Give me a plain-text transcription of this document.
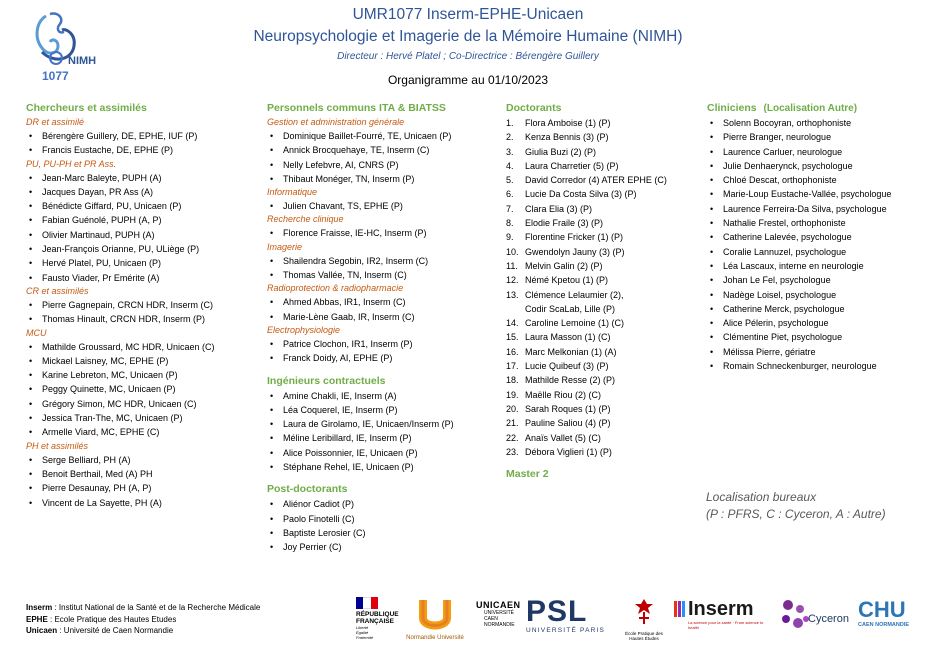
NIMH
1077
UMR1077 Inserm-EPHE-Unicaen
Neuropsychologie et Imagerie de la Mémoire Humaine (NIMH)
Directeur : Hervé Platel ; Co-Directrice : Bérengère Guillery
Organigramme au 01/10/2023
Chercheurs et assimilés
DR et assimilé
• Bérengère Guillery, DE, EPHE, IUF (P)
• Francis Eustache, DE, EPHE (P)
PU, PU-PH et PR Ass.
• Jean-Marc Baleyte, PUPH (A)
• Jacques Dayan, PR Ass (A)
• Bénédicte Giffard, PU, Unicaen (P)
• Fabian Guénolé, PUPH (A, P)
• Olivier Martinaud, PUPH (A)
• Jean-François Orianne, PU, ULiège (P)
• Hervé Platel, PU, Unicaen (P)
• Fausto Viader, Pr Emérite (A)
CR et assimilés
• Pierre Gagnepain, CRCN HDR, Inserm (C)
• Thomas Hinault, CRCN HDR, Inserm (P)
MCU
• Mathilde Groussard, MC HDR, Unicaen (C)
• Mickael Laisney, MC, EPHE (P)
• Karine Lebreton, MC, Unicaen (P)
• Peggy Quinette, MC, Unicaen (P)
• Grégory Simon, MC HDR, Unicaen (C)
• Jessica Tran-The, MC, Unicaen (P)
• Armelle Viard, MC, EPHE (C)
PH et assimilés
• Serge Belliard, PH (A)
• Benoit Berthail, Med (A) PH
• Pierre Desaunay, PH (A, P)
• Vincent de La Sayette, PH (A)
Personnels communs ITA & BIATSS
Gestion et administration générale
• Dominique Baillet-Fourré, TE, Unicaen (P)
• Annick Brocquehaye, TE, Inserm (C)
• Nelly Lefebvre, AI, CNRS (P)
• Thibaut Monéger, TN, Inserm (P)
Informatique
• Julien Chavant, TS, EPHE (P)
Recherche clinique
• Florence Fraisse, IE-HC, Inserm (P)
Imagerie
• Shailendra Segobin, IR2, Inserm (C)
• Thomas Vallée, TN, Inserm (C)
Radioprotection & radiopharmacie
• Ahmed Abbas, IR1, Inserm (C)
• Marie-Lène Gaab, IR, Inserm (C)
Electrophysiologie
• Patrice Clochon, IR1, Inserm (P)
• Franck Doidy, AI, EPHE (P)
Ingénieurs contractuels
• Amine Chakli, IE, Inserm (A)
• Léa Coquerel, IE, Inserm (P)
• Laura de Girolamo, IE, Unicaen/Inserm (P)
• Méline Leribillard, IE, Inserm (P)
• Alice Poissonnier, IE, Unicaen (P)
• Stéphane Rehel, IE, Unicaen (P)
Post-doctorants
• Aliénor Cadiot (P)
• Paolo Finotelli (C)
• Baptiste Lerosier (C)
• Joy Perrier (C)
Doctorants
1. Flora Amboise (1) (P)
2. Kenza Bennis (3) (P)
3. Giulia Buzi (2) (P)
4. Laura Charretier (5) (P)
5. David Corredor (4) ATER EPHE (C)
6. Lucie Da Costa Silva (3) (P)
7. Clara Elia (3) (P)
8. Elodie Fraile (3) (P)
9. Florentine Fricker (1) (P)
10. Gwendolyn Jauny (3) (P)
11. Melvin Galin (2) (P)
12. Némé Kpetou (1) (P)
13. Clémence Lelaumier (2),
Codir ScaLab, Lille (P)
14. Caroline Lemoine (1) (C)
15. Laura Masson (1) (C)
16. Marc Melkonian (1) (A)
17. Lucie Quibeuf (3) (P)
18. Mathilde Resse (2) (P)
19. Maëlle Riou (2) (C)
20. Sarah Roques (1) (P)
21. Pauline Saliou (4) (P)
22. Anaïs Vallet (5) (C)
23. Débora Viglieri (1) (P)
Master 2
Cliniciens (Localisation Autre)
• Solenn Bocoyran, orthophoniste
• Pierre Branger, neurologue
• Laurence Carluer, neurologue
• Julie Denhaerynck, psychologue
• Chloé Descat, orthophoniste
• Marie-Loup Eustache-Vallée, psychologue
• Laurence Ferreira-Da Silva, psychologue
• Nathalie Frestel, orthophoniste
• Catherine Lalevée, psychologue
• Coralie Lannuzel, psychologue
• Léa Lascaux, interne en neurologie
• Johan Le Fel, psychologue
• Nadège Loisel, psychologue
• Catherine Merck, psychologue
• Alice Pélerin, psychologue
• Clémentine Piet, psychologue
• Mélissa Pierre, gériatre
• Romain Schneckenburger, neurologue
Localisation bureaux
(P : PFRS, C : Cyceron, A : Autre)
Inserm : Institut National de la Santé et de la Recherche Médicale
EPHE : Ecole Pratique des Hautes Etudes
Unicaen : Université de Caen Normandie
RÉPUBLIQUE
FRANÇAISE
Liberté Égalité Fraternité	Normandie Université
UNICAEN
UNIVERSITÉ CAEN NORMANDIE PSL
UNIVERSITÉ PARIS	École Pratique des Hautes Études
Inserm
La science pour la santé · From science to health
Cyceron CHU
CAEN NORMANDIE
